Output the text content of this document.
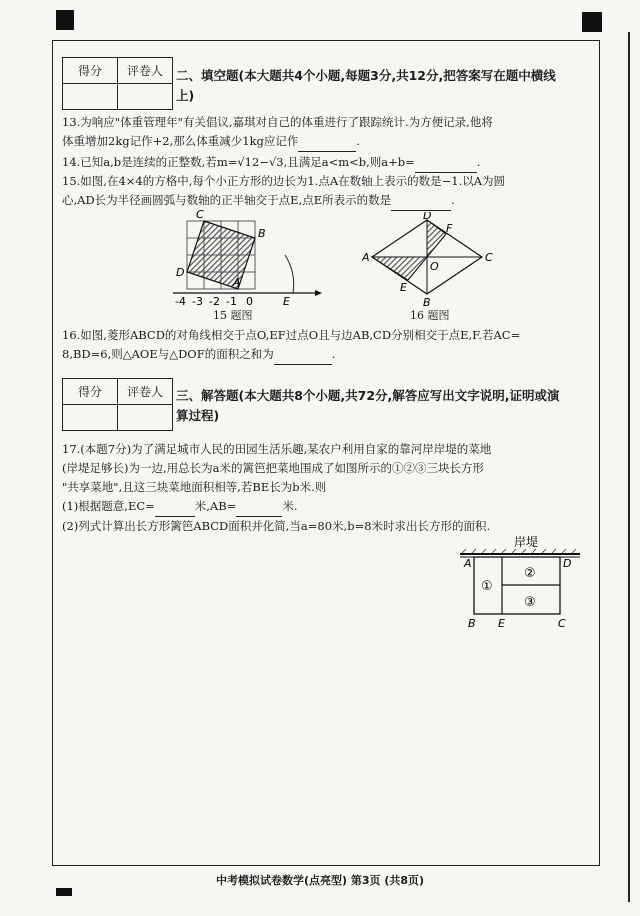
得分	评卷人
	二、填空题(本大题共4个小题,每题3分,共12分,把答案写在题中横线
上)
13.为响应"体重管理年"有关倡议,嘉琪对自己的体重进行了跟踪统计.为方便记录,他将
体重增加2kg记作+2,那么体重减少1kg应记作	.
14.已知a,b是连续的正整数,若m=√12−√3,且满足a<m<b,则a+b=	.
15.如图,在4×4的方格中,每个小正方形的边长为1.点A在数轴上表示的数是−1.以A为圆
心,AD长为半径画圆弧与数轴的正半轴交于点E,点E所表示的数是	.
C
B
D
A
E
-4 -3 -2 -1 0
15 题图
A	C
D
F
O
E
B
16 题图
16.如图,菱形ABCD的对角线相交于点O,EF过点O且与边AB,CD分别相交于点E,F.若AC=
8,BD=6,则△AOE与△DOF的面积之和为	.
得分	评卷人
	三、解答题(本大题共8个小题,共72分,解答应写出文字说明,证明或演
算过程)
17.(本题7分)为了满足城市人民的田园生活乐趣,某农户利用自家的靠河岸岸堤的菜地
(岸堤足够长)为一边,用总长为a米的篱笆把菜地围成了如图所示的①②③三块长方形
"共享菜地",且这三块菜地面积相等,若BE长为b米.则
(1)根据题意,EC=	米,AB=	米.
(2)列式计算出长方形篱笆ABCD面积并化简,当a=80米,b=8米时求出长方形的面积.
岸堤
①
②
③
A	D
B E	C
中考模拟试卷数学(点亮型) 第3页 (共8页)
